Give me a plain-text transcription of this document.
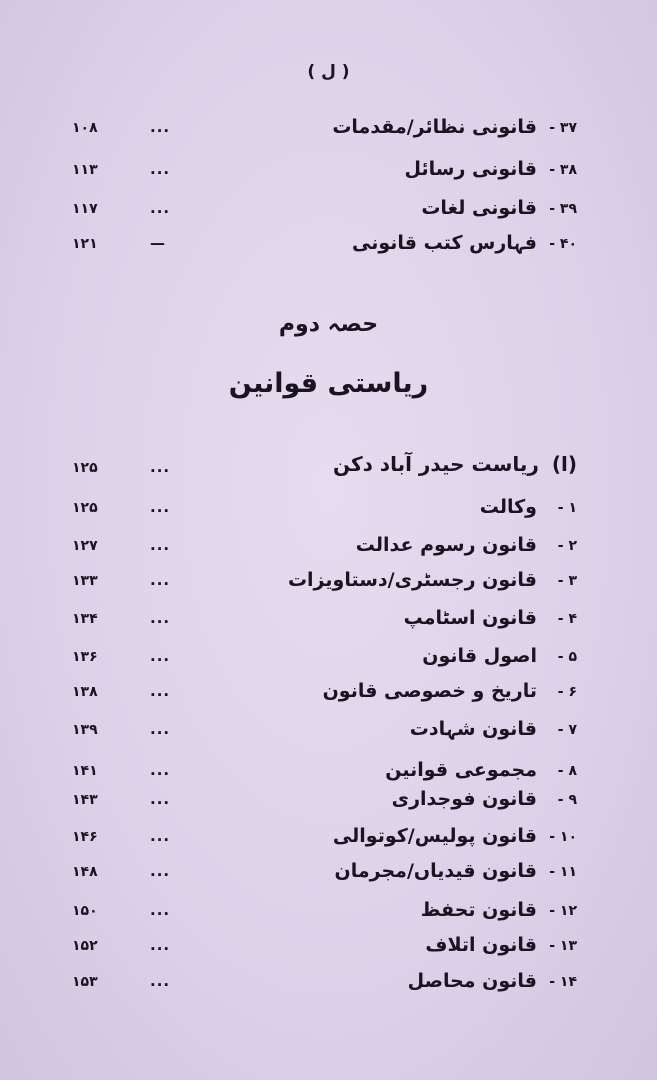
( ل )
۳۷ -
قانونی نظائر/مقدمات
...
۱۰۸
۳۸ -
قانونی رسائل
...
۱۱۳
۳۹ -
قانونی لغات
...
۱۱۷
۴۰ -
فہارس کتب قانونی
—
۱۲۱
حصہ دوم
ریاستی قوانین
(ا) ریاست حیدر آباد دکن
...
۱۲۵
۱ -
وکالت
...
۱۲۵
۲ -
قانون رسوم عدالت
...
۱۲۷
۳ -
قانون رجسٹری/دستاویزات
...
۱۳۳
۴ -
قانون اسٹامپ
...
۱۳۴
۵ -
اصول قانون
...
۱۳۶
۶ -
تاریخ و خصوصی قانون
...
۱۳۸
۷ -
قانون شہادت
...
۱۳۹
۸ -
مجموعی قوانین
...
۱۴۱
۹ -
قانون فوجداری
...
۱۴۳
۱۰ -
قانون پولیس/کوتوالی
...
۱۴۶
۱۱ -
قانون قیدیاں/مجرمان
...
۱۴۸
۱۲ -
قانون تحفظ
...
۱۵۰
۱۳ -
قانون اتلاف
...
۱۵۲
۱۴ -
قانون محاصل
...
۱۵۳
